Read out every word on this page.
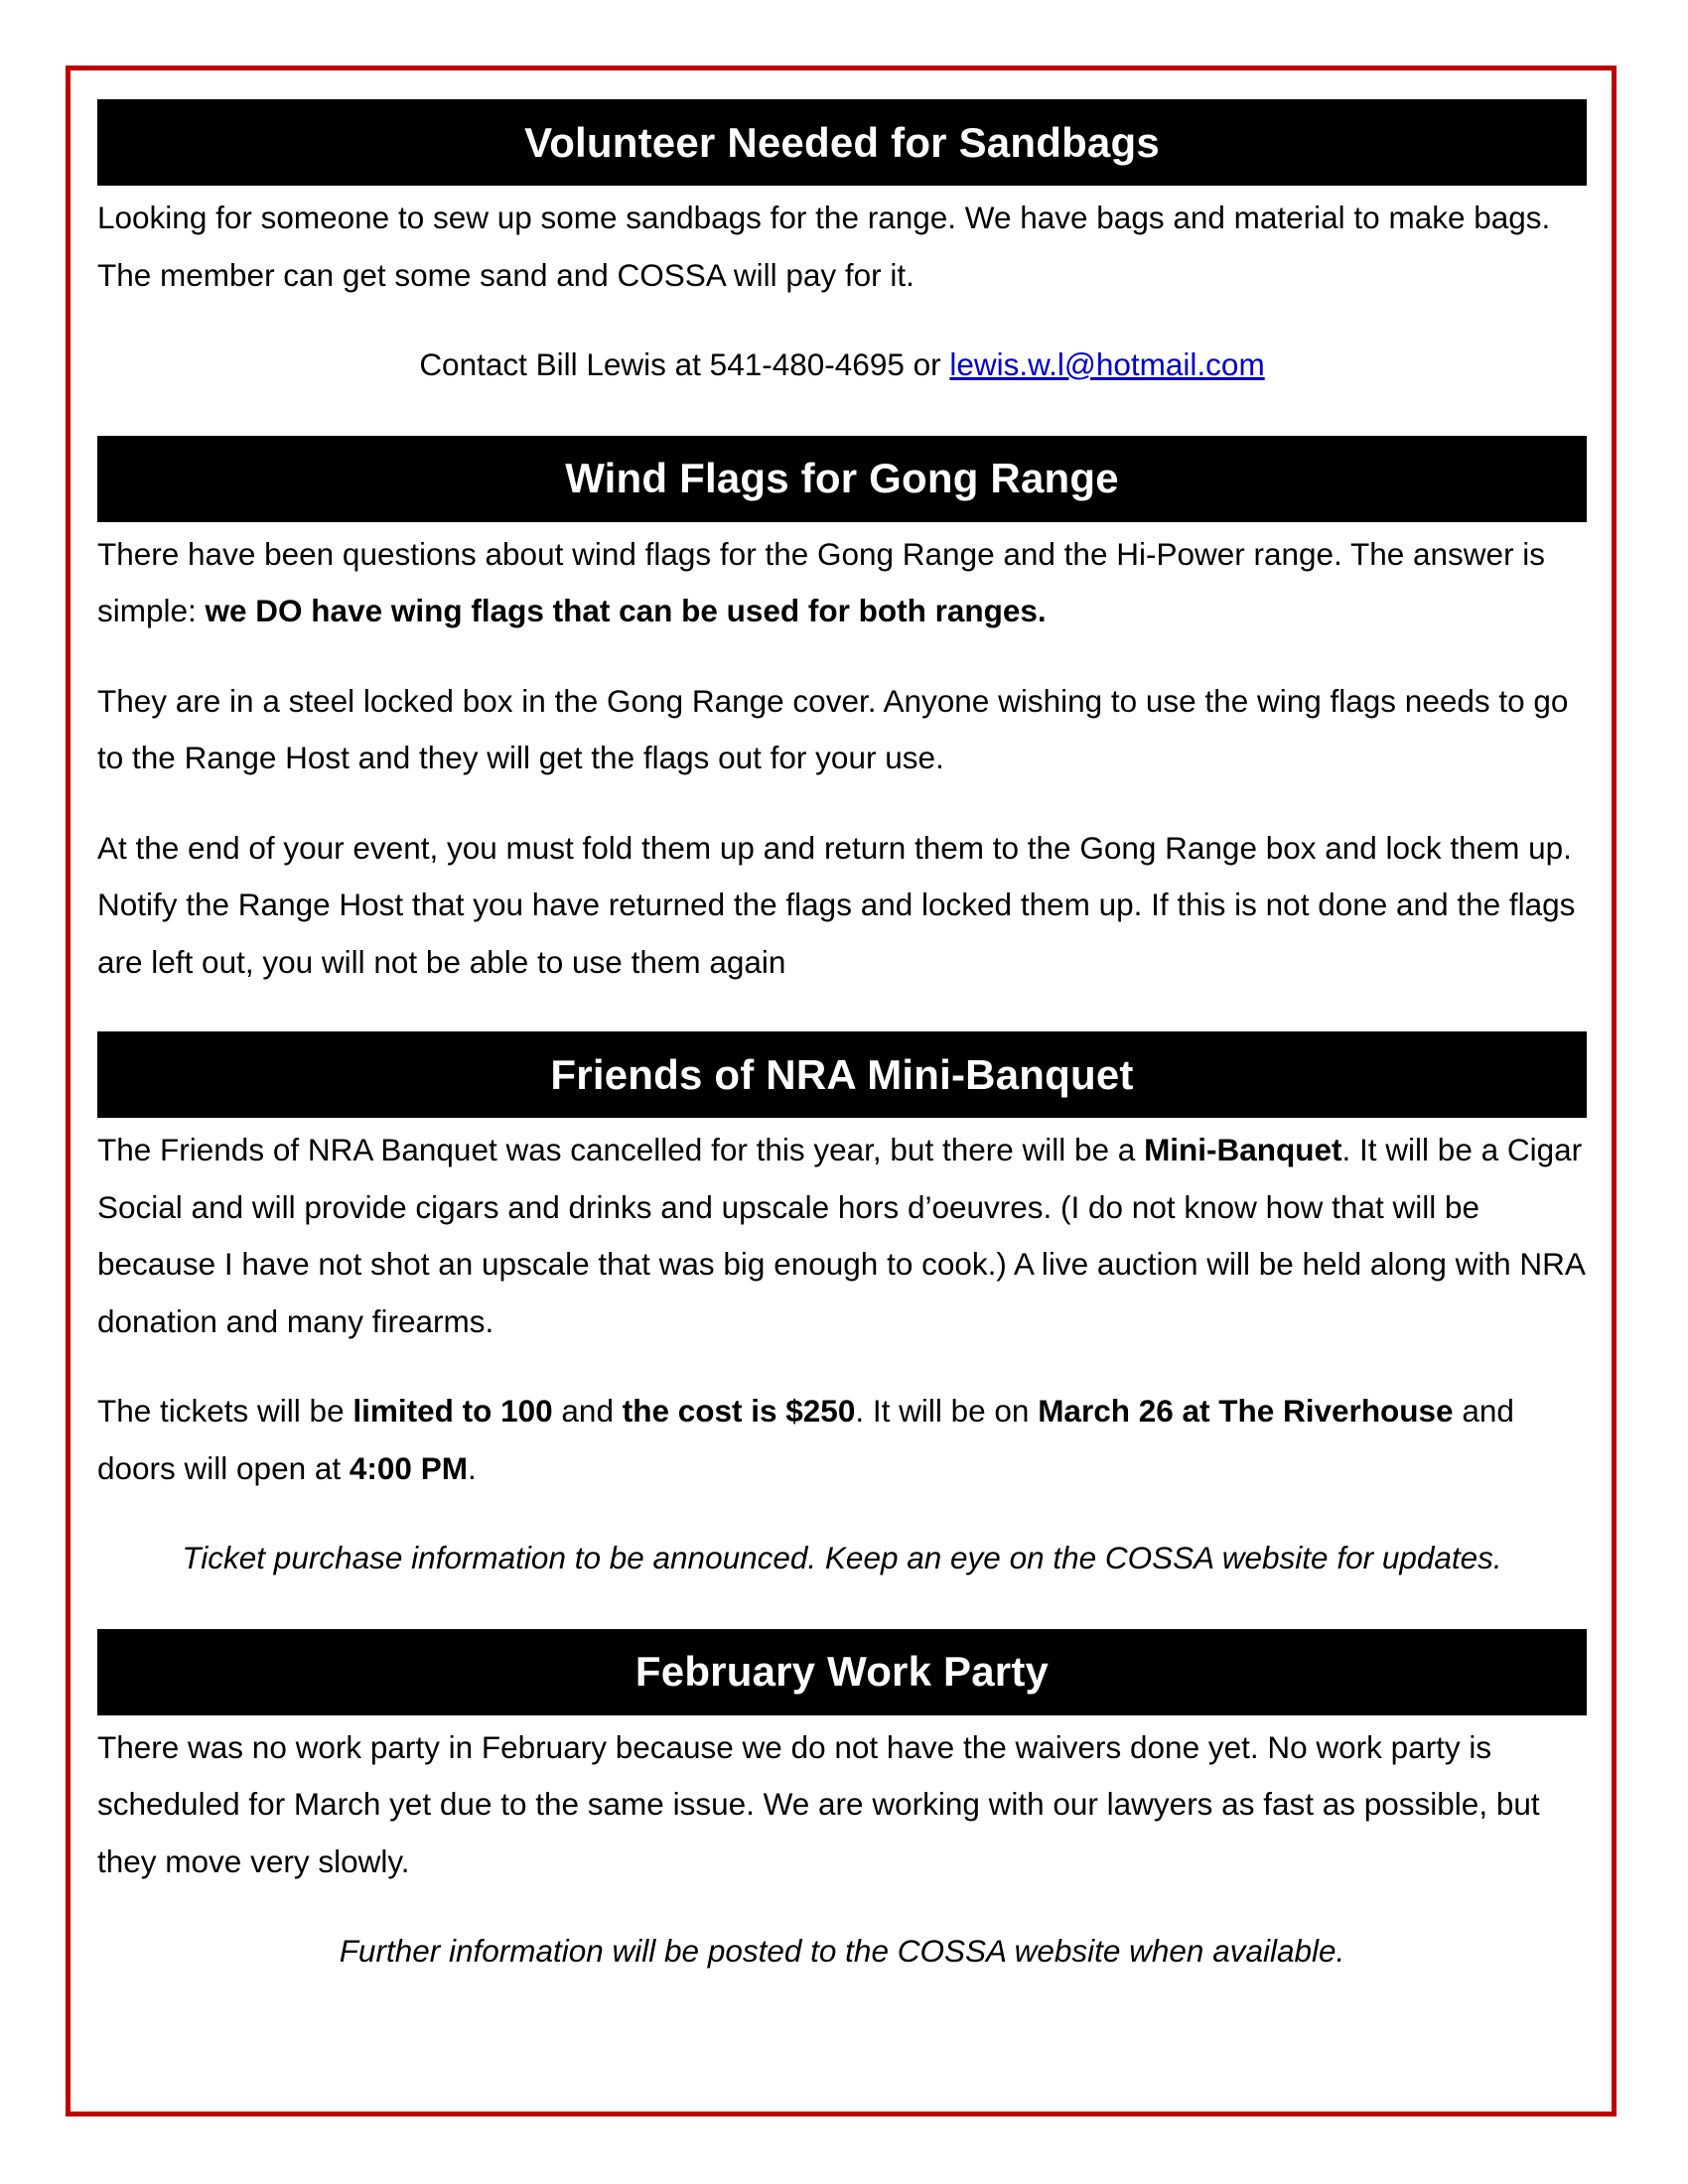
Volunteer Needed for Sandbags

Looking for someone to sew up some sandbags for the range. We have bags and material to make bags. The member can get some sand and COSSA will pay for it.

Contact Bill Lewis at 541-480-4695 or lewis.w.l@hotmail.com

Wind Flags for Gong Range

There have been questions about wind flags for the Gong Range and the Hi-Power range. The answer is simple: we DO have wing flags that can be used for both ranges.

They are in a steel locked box in the Gong Range cover. Anyone wishing to use the wing flags needs to go to the Range Host and they will get the flags out for your use.

At the end of your event, you must fold them up and return them to the Gong Range box and lock them up. Notify the Range Host that you have returned the flags and locked them up. If this is not done and the flags are left out, you will not be able to use them again

Friends of NRA Mini-Banquet

The Friends of NRA Banquet was cancelled for this year, but there will be a Mini-Banquet. It will be a Cigar Social and will provide cigars and drinks and upscale hors d’oeuvres. (I do not know how that will be because I have not shot an upscale that was big enough to cook.) A live auction will be held along with NRA donation and many firearms.

The tickets will be limited to 100 and the cost is $250. It will be on March 26 at The Riverhouse and doors will open at 4:00 PM.

Ticket purchase information to be announced. Keep an eye on the COSSA website for updates.

February Work Party

There was no work party in February because we do not have the waivers done yet. No work party is scheduled for March yet due to the same issue. We are working with our lawyers as fast as possible, but they move very slowly.

Further information will be posted to the COSSA website when available.
